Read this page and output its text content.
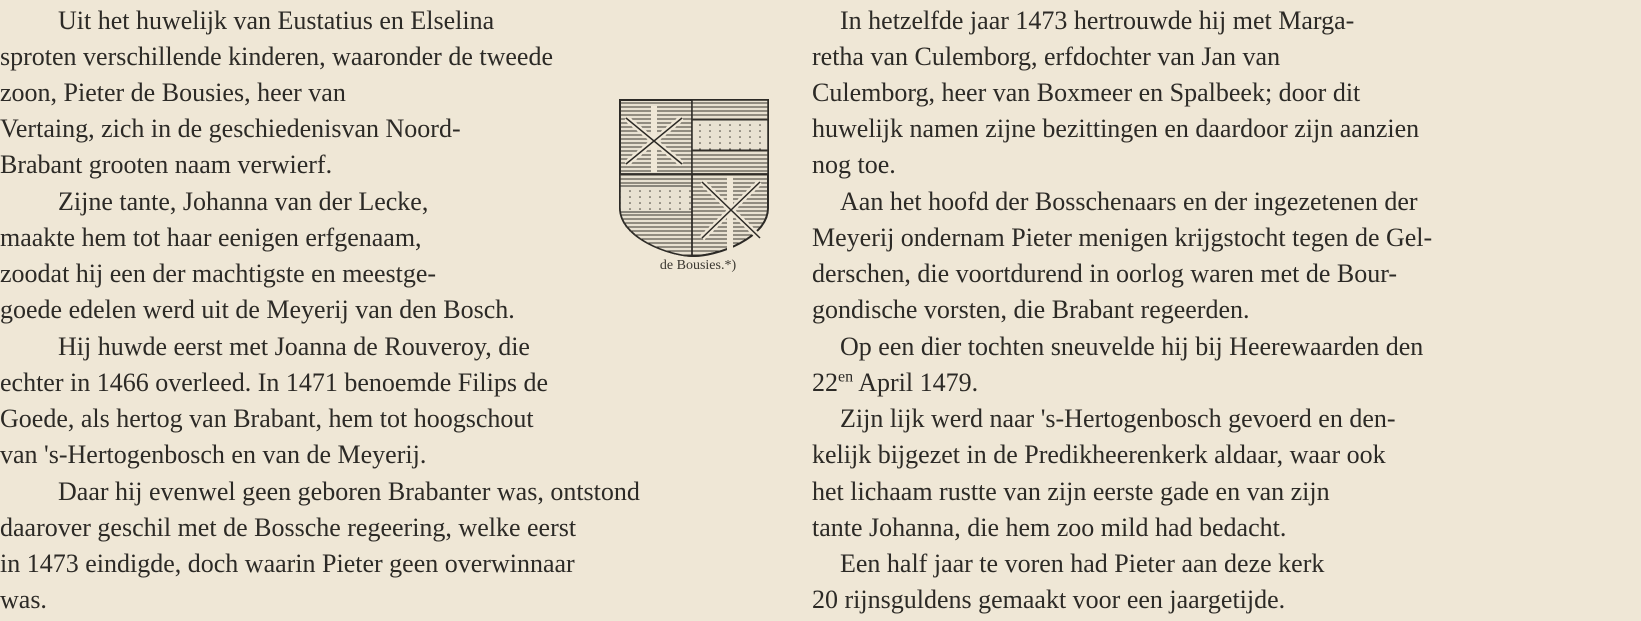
Uit het huwelijk van Eustatius en Elselina
sproten verschillende kinderen, waaronder de tweede
zoon, Pieter de Bousies, heer van
Vertaing, zich in de geschiedenisvan Noord-
Brabant grooten naam verwierf.
Zijne tante, Johanna van der Lecke,
maakte hem tot haar eenigen erfgenaam,
zoodat hij een der machtigste en meestge-
goede edelen werd uit de Meyerij van den Bosch.
Hij huwde eerst met Joanna de Rouveroy, die
echter in 1466 overleed. In 1471 benoemde Filips de
Goede, als hertog van Brabant, hem tot hoogschout
van 's-Hertogenbosch en van de Meyerij.
Daar hij evenwel geen geboren Brabanter was, ontstond
daarover geschil met de Bossche regeering, welke eerst
in 1473 eindigde, doch waarin Pieter geen overwinnaar
was.
de Bousies.*)
In hetzelfde jaar 1473 hertrouwde hij met Marga-
retha van Culemborg, erfdochter van Jan van
Culemborg, heer van Boxmeer en Spalbeek; door dit
huwelijk namen zijne bezittingen en daardoor zijn aanzien
nog toe.
Aan het hoofd der Bosschenaars en der ingezetenen der
Meyerij ondernam Pieter menigen krijgstocht tegen de Gel-
derschen, die voortdurend in oorlog waren met de Bour-
gondische vorsten, die Brabant regeerden.
Op een dier tochten sneuvelde hij bij Heerewaarden den
$22^{en}$ April 1479.
Zijn lijk werd naar 's-Hertogenbosch gevoerd en den-
kelijk bijgezet in de Predikheerenkerk aldaar, waar ook
het lichaam rustte van zijn eerste gade en van zijn
tante Johanna, die hem zoo mild had bedacht.
Een half jaar te voren had Pieter aan deze kerk
20 rijnsguldens gemaakt voor een jaargetijde.
